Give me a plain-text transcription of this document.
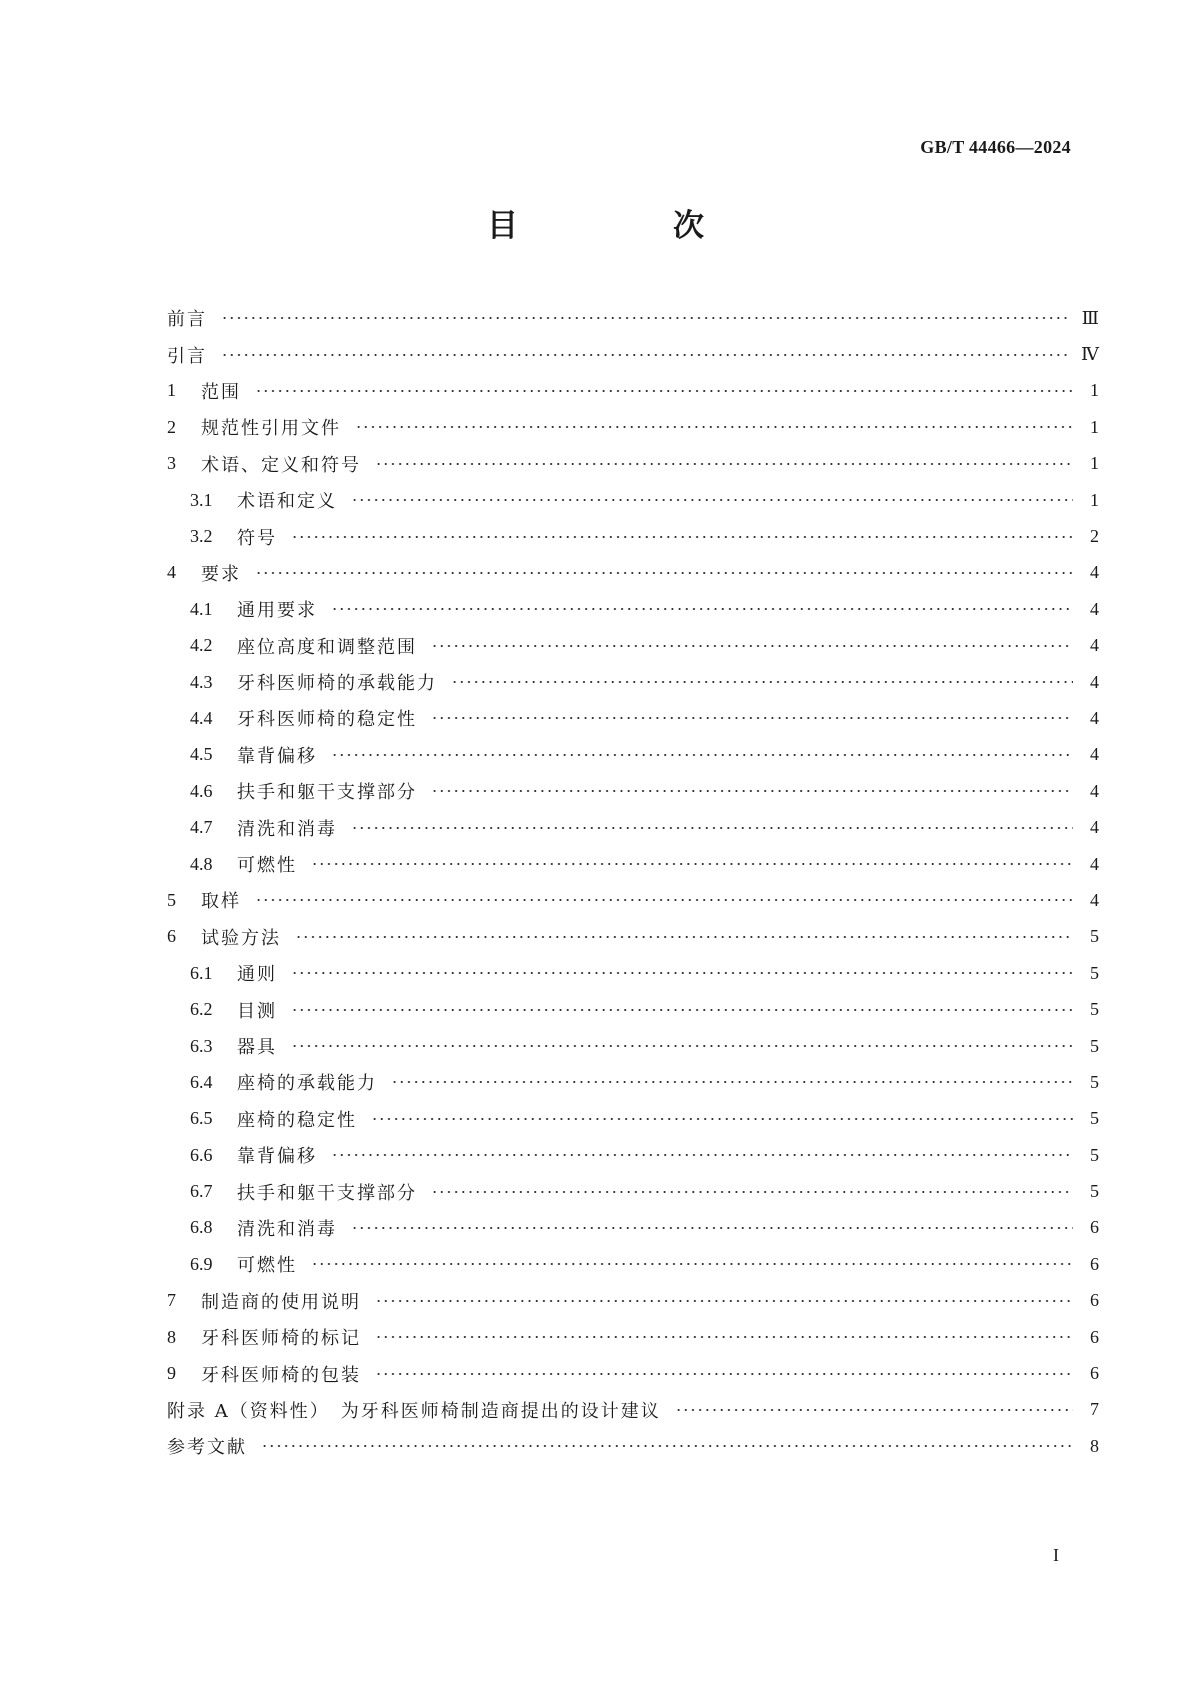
GB/T 44466—2024
目　次
前言	Ⅲ
引言	Ⅳ
1	范围	1
2	规范性引用文件	1
3	术语、定义和符号	1
3.1	术语和定义	1
3.2	符号	2
4	要求	4
4.1	通用要求	4
4.2	座位高度和调整范围	4
4.3	牙科医师椅的承载能力	4
4.4	牙科医师椅的稳定性	4
4.5	靠背偏移	4
4.6	扶手和躯干支撑部分	4
4.7	清洗和消毒	4
4.8	可燃性	4
5	取样	4
6	试验方法	5
6.1	通则	5
6.2	目测	5
6.3	器具	5
6.4	座椅的承载能力	5
6.5	座椅的稳定性	5
6.6	靠背偏移	5
6.7	扶手和躯干支撑部分	5
6.8	清洗和消毒	6
6.9	可燃性	6
7	制造商的使用说明	6
8	牙科医师椅的标记	6
9	牙科医师椅的包装	6
附录 A（资料性）　为牙科医师椅制造商提出的设计建议	7
参考文献	8
I
